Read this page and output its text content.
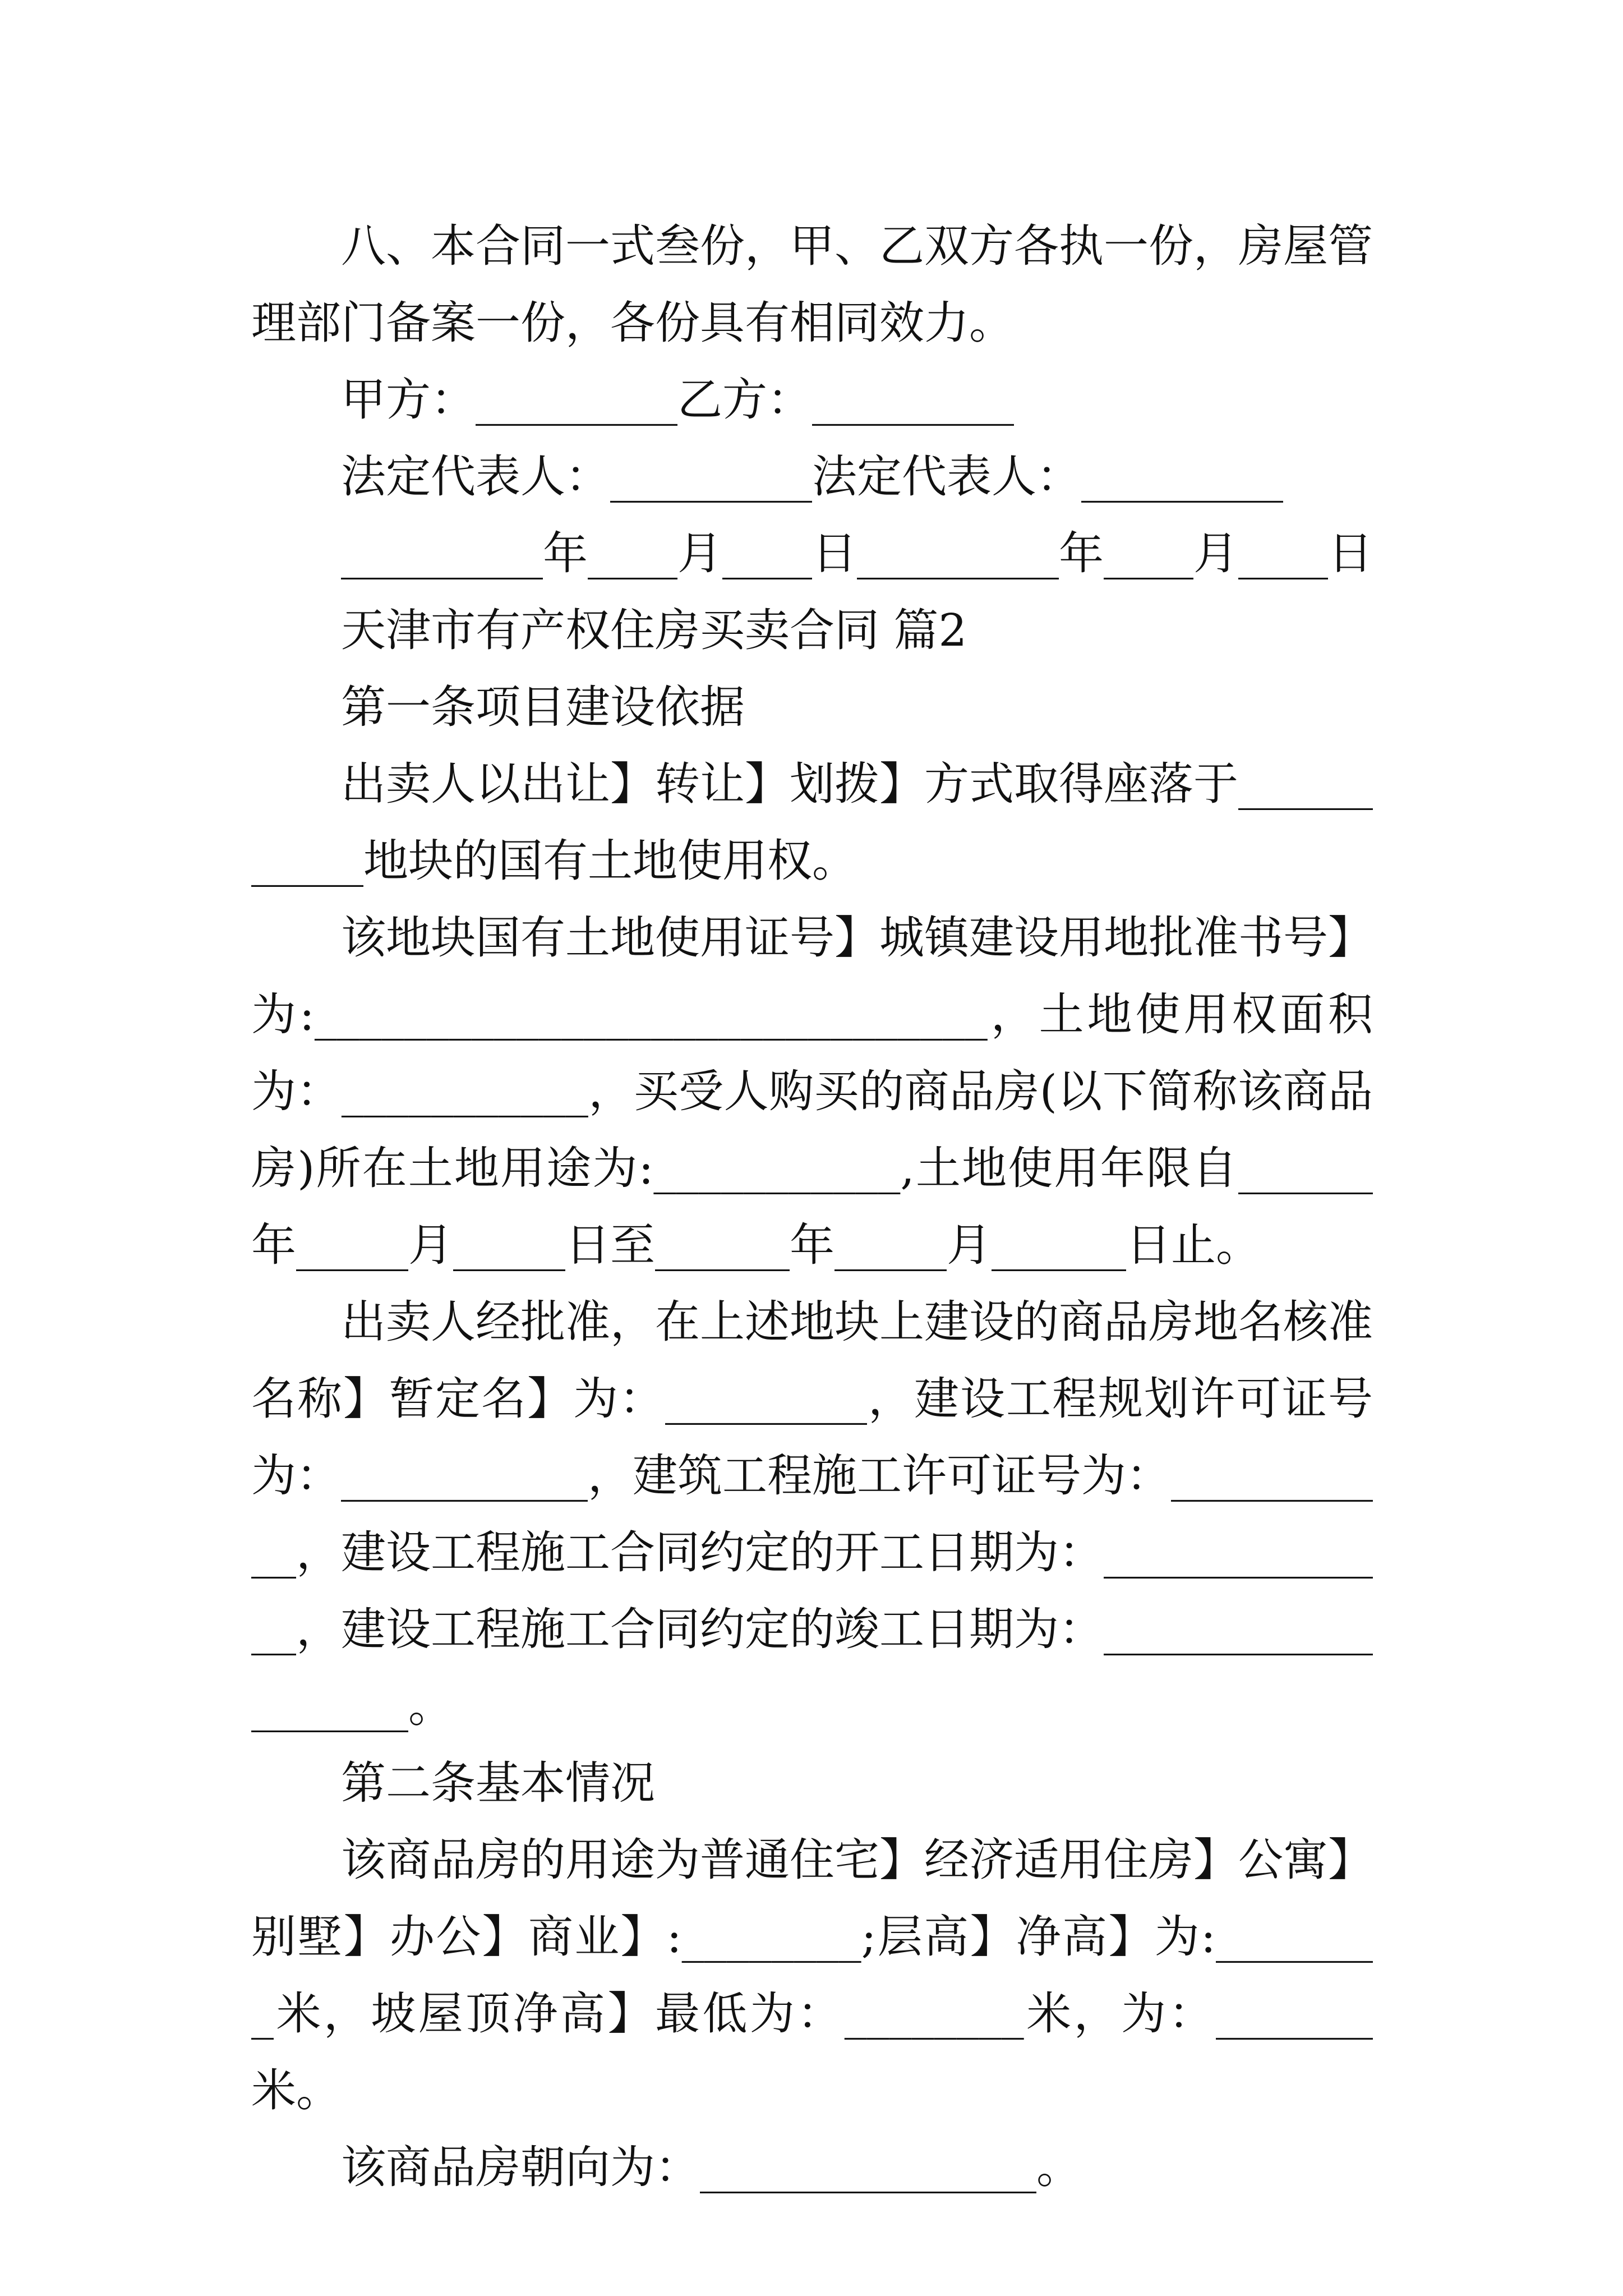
八、本合同一式叁份，甲、乙双方各执一份，房屋管理部门备案一份，各份具有相同效力。

甲方：_________乙方：_________

法定代表人：_________法定代表人：_________

_________年____月____日_________年____月____日

天津市有产权住房买卖合同 篇2

第一条项目建设依据

出卖人以出让】转让】划拨】方式取得座落于___________地块的国有土地使用权。

该地块国有土地使用证号】城镇建设用地批准书号】为:______________________________，土地使用权面积为：___________，买受人购买的商品房(以下简称该商品房)所在土地用途为:___________,土地使用年限自______年_____月_____日至______年_____月______日止。

出卖人经批准，在上述地块上建设的商品房地名核准名称】暂定名】为：_________，建设工程规划许可证号为：___________，建筑工程施工许可证号为：___________，建设工程施工合同约定的开工日期为：______________，建设工程施工合同约定的竣工日期为：___________________。

第二条基本情况

该商品房的用途为普通住宅】经济适用住房】公寓】别墅】办公】商业】:________;层高】净高】为:________米，坡屋顶净高】最低为：________米，为：_______米。

该商品房朝向为：_______________。
